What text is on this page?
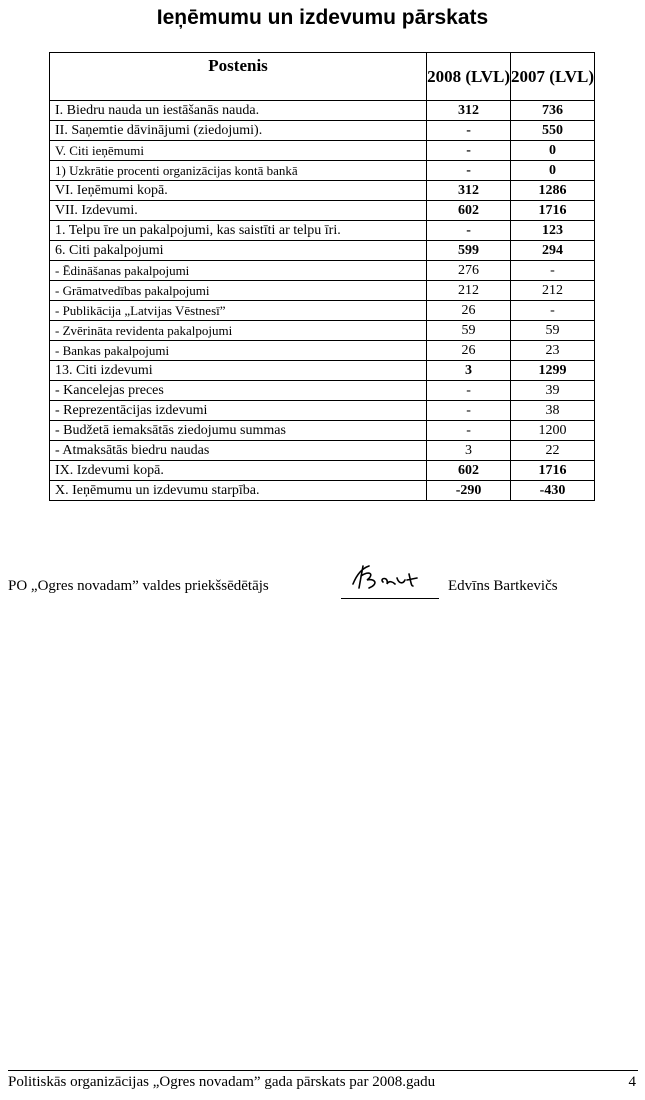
Ieņēmumu un izdevumu pārskats
Postenis	2008 (LVL)	2007 (LVL)
I. Biedru nauda un iestāšanās nauda.	312	736
II. Saņemtie dāvinājumi (ziedojumi).	-	550
V. Citi ieņēmumi	-	0
1) Uzkrātie procenti organizācijas kontā bankā	-	0
VI. Ieņēmumi kopā.	312	1286
VII. Izdevumi.	602	1716
1. Telpu īre un pakalpojumi, kas saistīti ar telpu īri.	-	123
6. Citi pakalpojumi	599	294
- Ēdināšanas pakalpojumi	276	-
- Grāmatvedības pakalpojumi	212	212
- Publikācija „Latvijas Vēstnesī”	26	-
- Zvērināta revidenta pakalpojumi	59	59
- Bankas pakalpojumi	26	23
13. Citi izdevumi	3	1299
- Kancelejas preces	-	39
- Reprezentācijas izdevumi	-	38
- Budžetā iemaksātās ziedojumu summas	-	1200
- Atmaksātās biedru naudas	3	22
IX. Izdevumi kopā.	602	1716
X. Ieņēmumu un izdevumu starpība.	-290	-430
PO „Ogres novadam” valdes priekšsēdētājs	Edvīns Bartkevičs
Politiskās organizācijas „Ogres novadam” gada pārskats par 2008.gadu	4
